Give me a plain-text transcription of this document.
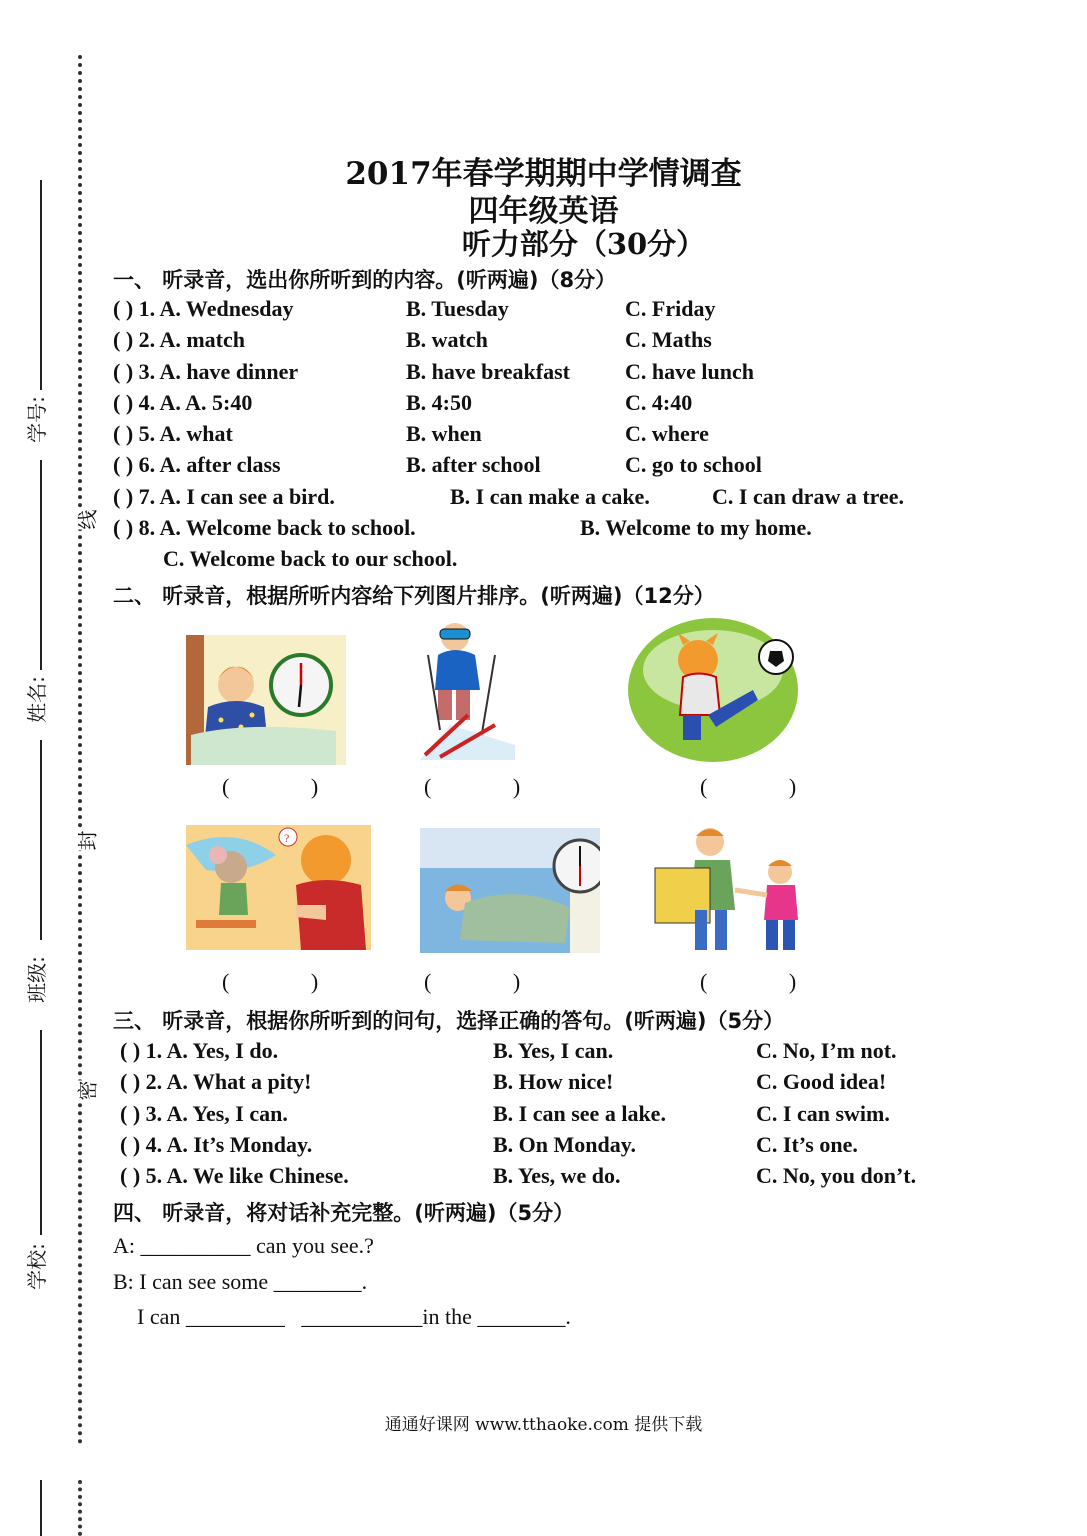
学号:
姓名:
班级:
学校:
线
封
密
2017年春学期期中学情调查
四年级英语
听力部分（30分）
一、 听录音，选出你所听到的内容。(听两遍)（8分）
( ) 1. A. Wednesday	B. Tuesday	C. Friday
( ) 2. A. match	B. watch	C. Maths
( ) 3. A. have dinner	B. have breakfast	C. have lunch
( ) 4. A. A. 5:40	B. 4:50	C. 4:40
( ) 5. A. what	B. when	C. where
( ) 6. A. after class	B. after school	C. go to school
( ) 7. A. I can see a bird.	B. I can make a cake.	C. I can draw a tree.
( ) 8. A. Welcome back to school.	B. Welcome to my home.
C. Welcome back to our school.
二、 听录音，根据所听内容给下列图片排序。(听两遍)（12分）
( )	( )	( )
?
( )	( )	( )
三、 听录音，根据你所听到的问句，选择正确的答句。(听两遍)（5分）
( ) 1. A. Yes, I do.	B. Yes, I can.	C. No, I’m not.
( ) 2. A. What a pity!	B. How nice!	C. Good idea!
( ) 3. A. Yes, I can.	B. I can see a lake.	C. I can swim.
( ) 4. A. It’s Monday.	B. On Monday.	C. It’s one.
( ) 5. A. We like Chinese.	B. Yes, we do.	C. No, you don’t.
四、 听录音，将对话补充完整。(听两遍)（5分）
A: __________ can you see.?
B: I can see some ________.
I can _________   ___________in the ________.
通通好课网 www.tthaoke.com 提供下载
